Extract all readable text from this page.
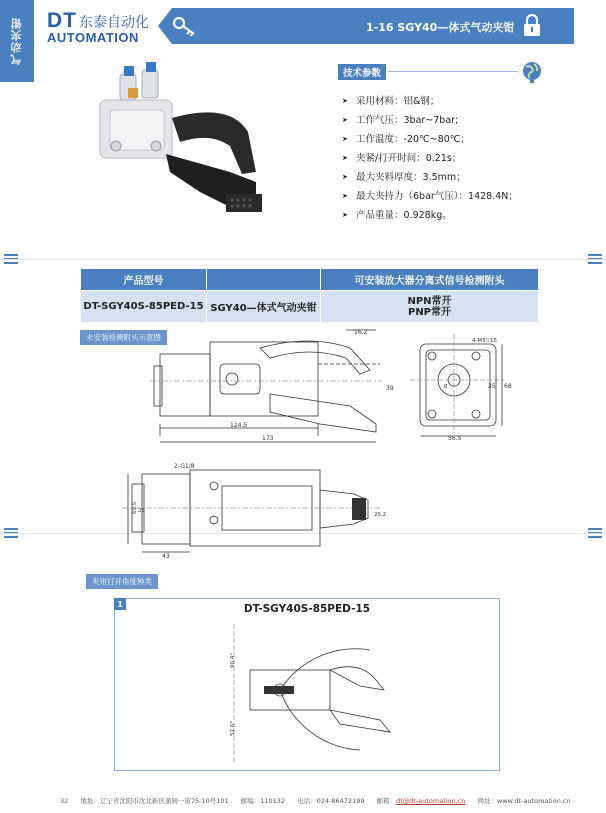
气动夹钳 DT 东泰自动化
AUTOMATION
1-16 SGY40—体式气动夹钳
技术参数
➤ 采用材料：铝&钢；
➤ 工作气压：3bar~7bar;
➤ 工作温度：-20℃~80℃；
➤ 夹紧/打开时间：0.21s；
➤ 最大夹料厚度：3.5mm；
➤ 最大夹持力（6bar气压）：1428.4N；
➤ 产品重量：0.928kg。
产品型号		可安装放大器分离式信号检测附头
DT-SGY40S-85PED-15	SGY40—体式气动夹钳	NPN常开
PNP常开
未安装检测附头示意图
124.5
173
16.2
39
4-M5▽15
56.5
68
35
8
2-G1/8
69.5
43
28
25.2
夹钳打开角度种类
1	DT-SGY40S-85PED-15
90.4°
52.6°
32 地址：辽宁省沈阳市沈北新区蒲园一街75-10号101 邮编：110132 电话：024-86472199 邮箱：dt@dt-automation.cn 网址：www.dt-automation.cn
